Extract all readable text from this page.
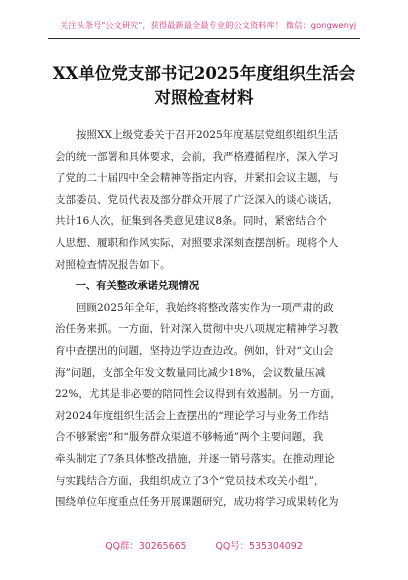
关注头条号"公文研究"，获得最新最全最专业的公文资料库！ 微信：gongwenyj
XX单位党支部书记2025年度组织生活会
对照检查材料
按照XX上级党委关于召开2025年度基层党组织组织生活
会的统一部署和具体要求，会前，我严格遵循程序，深入学习
了党的二十届四中全会精神等指定内容，并紧扣会议主题，与
支部委员、党员代表及部分群众开展了广泛深入的谈心谈话，
共计16人次，征集到各类意见建议8条。同时，紧密结合个
人思想、履职和作风实际，对照要求深刻查摆剖析。现将个人
对照检查情况报告如下。
一、有关整改承诺兑现情况
回顾2025年全年，我始终将整改落实作为一项严肃的政
治任务来抓。一方面，针对深入贯彻中央八项规定精神学习教
育中查摆出的问题，坚持边学边查边改。例如，针对“文山会
海”问题，支部全年发文数量同比减少18%，会议数量压减
22%，尤其是非必要的陪同性会议得到有效遏制。另一方面，
对2024年度组织生活会上查摆出的“理论学习与业务工作结
合不够紧密”和“服务群众渠道不够畅通”两个主要问题，我
牵头制定了7条具体整改措施，并逐一销号落实。在推动理论
与实践结合方面，我组织成立了3个“党员技术攻关小组”，
围绕单位年度重点任务开展课题研究，成功将学习成果转化为
QQ群：30265665	QQ号：535304092
